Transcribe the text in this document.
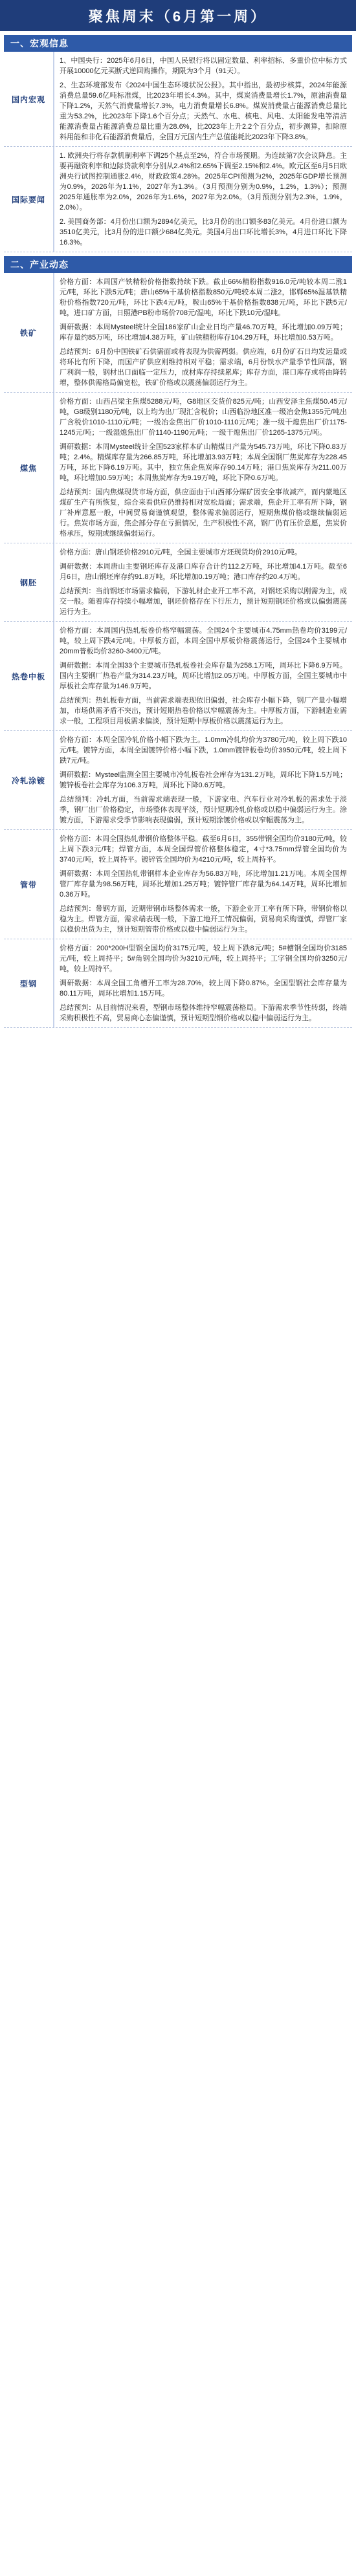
聚焦周末（6月第一周）
一、宏观信息
国内宏观

1、中国央行：2025年6月6日，中国人民银行将以固定数量、利率招标、多重价位中标方式开展10000亿元买断式逆回购操作，期限为3个月（91天）。

2、生态环境部发布《2024中国生态环境状况公报》。其中指出，最初步核算，2024年能源消费总量59.6亿吨标准煤，比2023年增长4.3%。其中，煤炭消费量增长1.7%，原油消费量下降1.2%，天然气消费量增长7.3%，电力消费量增长6.8%。煤炭消费量占能源消费总量比重为53.2%，比2023年下降1.6个百分点；天然气、水电、核电、风电、太阳能发电等清洁能源消费量占能源消费总量比重为28.6%，比2023年上升2.2个百分点，初步测算，扣除原料用能和非化石能源消费量后，全国万元国内生产总值能耗比2023年下降3.8%。

国际要闻

1. 欧洲央行将存款机制利率下调25个基点至2%，符合市场预期。为连续第7次会议降息。主要再融资利率和边际贷款利率分别从2.4%和2.65%下调至2.15%和2.4%。欧元区至6月5日欧洲央行试图控制通胀2.4%，财政政策4.28%。2025年CPI预测为2%，2025年GDP增长预测为0.9%，2026年为1.1%，2027年为1.3%。（3月预测分别为0.9%，1.2%，1.3%）；预测2025年通胀率为2.0%，2026年为1.6%，2027年为2.0%。（3月预测分别为2.3%，1.9%，2.0%）。

2. 美国商务部：4月份出口额为2894亿美元，比3月份的出口额多83亿美元。4月份进口额为3510亿美元，比3月份的进口额少684亿美元。美国4月出口环比增长3%，4月进口环比下降16.3%。

二、产业动态
铁矿

价格方面：本周国产铁精粉价格指数持续下跌。截止66%精粉指数916.0元/吨较本周二涨1元/吨，环比下跌5元/吨；唐山65%干基价格指数850元/吨较本周二涨2，邯郸65%湿基铁精粉价格指数720元/吨，环比下跌4元/吨，鞍山65%干基价格指数838元/吨，环比下跌5元/吨，进口矿方面，日照港PB粉市场价708元/湿吨，环比下跌10元/湿吨。

调研数据：本周Mysteel统计全国186家矿山企业日均产量46.70万吨，环比增加0.09万吨；库存量约85万吨，环比增加4.38万吨，矿山铁精粉库存104.29万吨，环比增加0.53万吨。

总结预判：6月份中国铁矿石供需面或将表现为供需两弱。供应端，6月份矿石日均发运量或将环比有所下降，而国产矿供应则维持相对平稳；需求端，6月份铁水产量季节性回落，钢厂利润一般，钢材出口面临一定压力，成材库存持续累库；库存方面，港口库存或将由降转增，整体供需格局偏宽松，铁矿价格或以震荡偏弱运行为主。

煤焦

价格方面：山西吕梁主焦煤5288元/吨，G8地区交货价825元/吨；山西安泽主焦煤50.45元/吨，G8级别1180元/吨，以上均为出厂现汇含税价；山西临汾地区准一级冶金焦1355元/吨出厂含税价1010-1110元/吨；一级冶金焦出厂价1010-1110元/吨；准一级干熄焦出厂价1175-1245元/吨；一级湿熄焦出厂价1140-1190元/吨；一级干熄焦出厂价1265-1375元/吨。

调研数据：本周Mysteel统计全国523家样本矿山精煤日产量为545.73万吨，环比下降0.83万吨；2.4%。精煤库存量为266.85万吨，环比增加3.93万吨；本周全国钢厂焦炭库存为228.45万吨，环比下降6.19万吨。其中，独立焦企焦炭库存90.14万吨；港口焦炭库存为211.00万吨，环比增加0.59万吨；本周焦炭库存为9.19万吨，环比下降0.6万吨。

总结预判：国内焦煤现货市场方面，供应面由于山西部分煤矿因安全事故减产，而内蒙地区煤矿生产有所恢复，综合来看供应仍维持相对宽松局面；需求端，焦企开工率有所下降，钢厂补库意愿一般，中间贸易商谨慎观望，整体需求偏弱运行，短期焦煤价格或继续偏弱运行。焦炭市场方面，焦企部分存在亏损情况，生产积极性不高，钢厂仍有压价意愿，焦炭价格承压，短期或继续偏弱运行。

钢胚

价格方面：唐山钢坯价格2910元/吨，全国主要城市方坯现货均价2910元/吨。

调研数据：本周唐山主要钢坯库存及港口库存合计约112.2万吨，环比增加4.1万吨。截至6月6日，唐山钢坯库存约91.8万吨，环比增加0.19万吨；港口库存约20.4万吨。

总结预判：当前钢坯市场需求偏弱，下游轧材企业开工率不高，对钢坯采购以刚需为主，成交一般。随着库存持续小幅增加，钢坯价格存在下行压力，预计短期钢坯价格或以偏弱震荡运行为主。

热卷中板

价格方面：本周国内热轧板卷价格窄幅震荡。全国24个主要城市4.75mm热卷均价3199元/吨，较上周下跌4元/吨。中厚板方面，本周全国中厚板价格震荡运行，全国24个主要城市20mm普板均价3260-3400元/吨。

调研数据：本周全国33个主要城市热轧板卷社会库存量为258.1万吨，周环比下降6.9万吨。国内主要钢厂热卷产量为314.23万吨，周环比增加2.05万吨。中厚板方面，全国主要城市中厚板社会库存量为146.9万吨。

总结预判：热轧板卷方面，当前需求端表现依旧偏弱，社会库存小幅下降，钢厂产量小幅增加，市场供需矛盾不突出，预计短期热卷价格以窄幅震荡为主。中厚板方面，下游制造业需求一般，工程项目用板需求偏淡，预计短期中厚板价格以震荡运行为主。

冷轧涂镀

价格方面：本周全国冷轧价格小幅下跌为主。1.0mm冷轧均价为3780元/吨，较上周下跌10元/吨。镀锌方面，本周全国镀锌价格小幅下跌，1.0mm镀锌板卷均价3950元/吨，较上周下跌7元/吨。

调研数据：Mysteel监测全国主要城市冷轧板卷社会库存为131.2万吨，周环比下降1.5万吨；镀锌板卷社会库存为106.3万吨，周环比下降0.6万吨。

总结预判：冷轧方面，当前需求端表现一般，下游家电、汽车行业对冷轧板的需求处于淡季，钢厂出厂价格稳定，市场整体表现平淡，预计短期冷轧价格或以稳中偏弱运行为主。涂镀方面，下游需求受季节影响表现偏弱，预计短期涂镀价格或以窄幅震荡为主。

管带

价格方面：本周全国热轧带钢价格整体平稳。截至6月6日，355带钢全国均价3180元/吨，较上周下跌3元/吨；焊管方面，本周全国焊管价格整体稳定，4寸*3.75mm焊管全国均价为3740元/吨，较上周持平。镀锌管全国均价为4210元/吨，较上周持平。

调研数据：本周全国热轧带钢样本企业库存为56.83万吨，环比增加1.21万吨。本周全国焊管厂库存量为98.56万吨，周环比增加1.25万吨；镀锌管厂库存量为64.14万吨，周环比增加0.36万吨。

总结预判：带钢方面，近期带钢市场整体需求一般，下游企业开工率有所下降，带钢价格以稳为主。焊管方面，需求端表现一般，下游工地开工情况偏弱，贸易商采购谨慎，焊管厂家以稳价出货为主，预计短期管带价格或以稳中偏弱运行为主。

型钢

价格方面：200*200H型钢全国均价3175元/吨，较上周下跌8元/吨；5#槽钢全国均价3185元/吨，较上周持平；5#角钢全国均价为3210元/吨，较上周持平；工字钢全国均价3250元/吨，较上周持平。

调研数据：本周全国工角槽开工率为28.70%，较上周下降0.87%。全国型钢社会库存量为80.11万吨，周环比增加1.15万吨。

总结预判：从目前情况来看，型钢市场整体维持窄幅震荡格局。下游需求季节性转弱，终端采购积极性不高，贸易商心态偏谨慎，预计短期型钢价格或以稳中偏弱运行为主。
